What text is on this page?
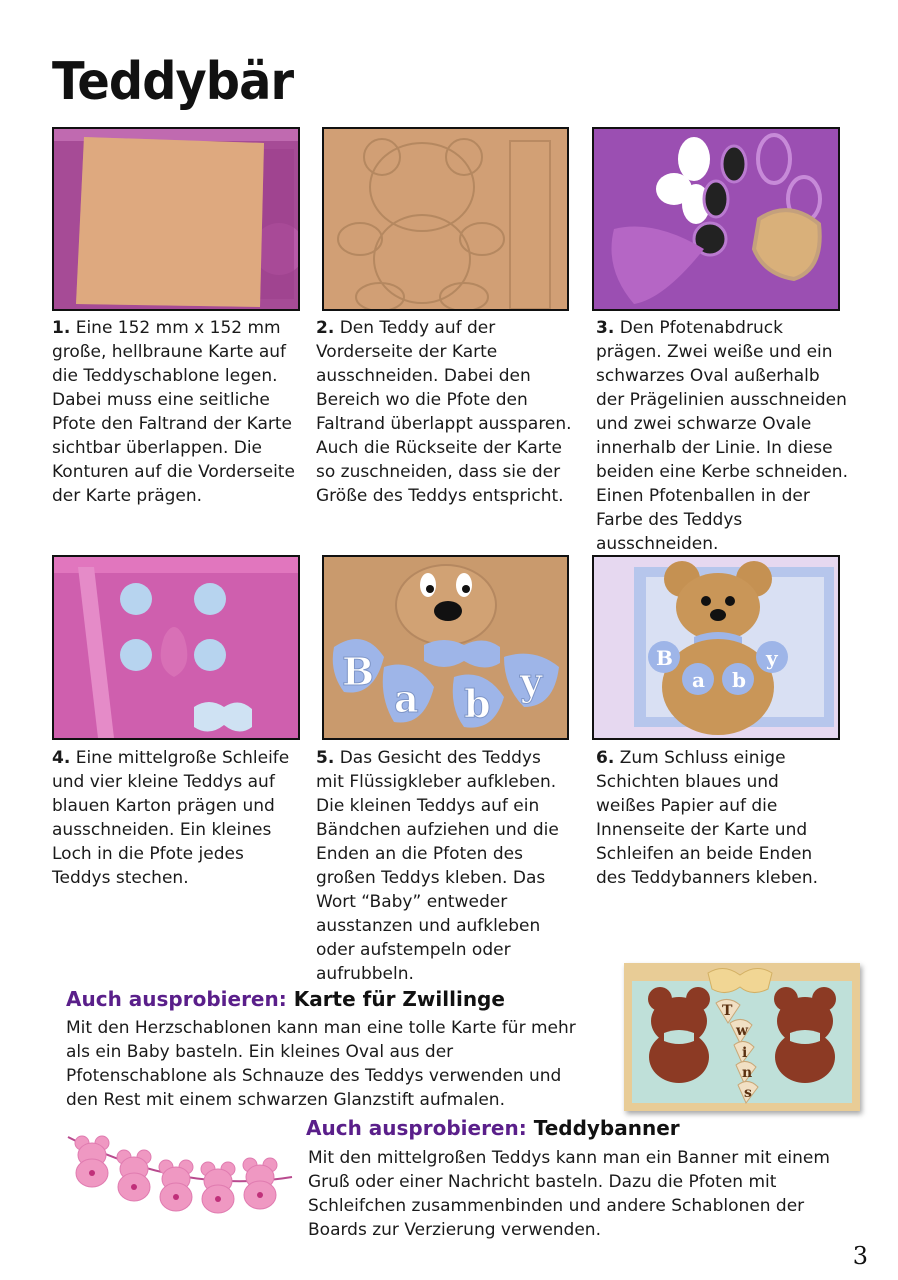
Teddybär
1. Eine 152 mm x 152 mm große, hellbraune Karte auf die Teddyschablone legen. Dabei muss eine seitliche Pfote den Faltrand der Karte sichtbar überlappen. Die Konturen auf die Vorderseite der Karte prägen.
2. Den Teddy auf der Vorderseite der Karte ausschneiden. Dabei den Bereich wo die Pfote den Faltrand überlappt aussparen. Auch die Rückseite der Karte so zuschneiden, dass sie der Größe des Teddys entspricht.
3. Den Pfotenabdruck prägen. Zwei weiße und ein schwarzes Oval außerhalb der Prägelinien ausschneiden und zwei schwarze Ovale innerhalb der Linie. In diese beiden eine Kerbe schneiden. Einen Pfotenballen in der Farbe des Teddys ausschneiden.
B
a b y
B
a b
y
4. Eine mittelgroße Schleife und vier kleine Teddys auf blauen Karton prägen und ausschneiden. Ein kleines Loch in die Pfote jedes Teddys stechen.
5. Das Gesicht des Teddys mit Flüssigkleber aufkleben. Die kleinen Teddys auf ein Bändchen aufziehen und die Enden an die Pfoten des großen Teddys kleben. Das Wort “Baby” entweder ausstanzen und aufkleben oder aufstempeln oder aufrubbeln.
6. Zum Schluss einige Schichten blaues und weißes Papier auf die Innenseite der Karte und Schleifen an beide Enden des Teddybanners kleben.
Auch ausprobieren: Karte für Zwillinge
Mit den Herzschablonen kann man eine tolle Karte für mehr als ein Baby basteln. Ein kleines Oval aus der Pfotenschablone als Schnauze des Teddys verwenden und den Rest mit einem schwarzen Glanzstift aufmalen.
T
w
i
n
s
Auch ausprobieren: Teddybanner
Mit den mittelgroßen Teddys kann man ein Banner mit einem Gruß oder einer Nachricht basteln. Dazu die Pfoten mit Schleifchen zusammenbinden und andere Schablonen der Boards zur Verzierung verwenden.
3
